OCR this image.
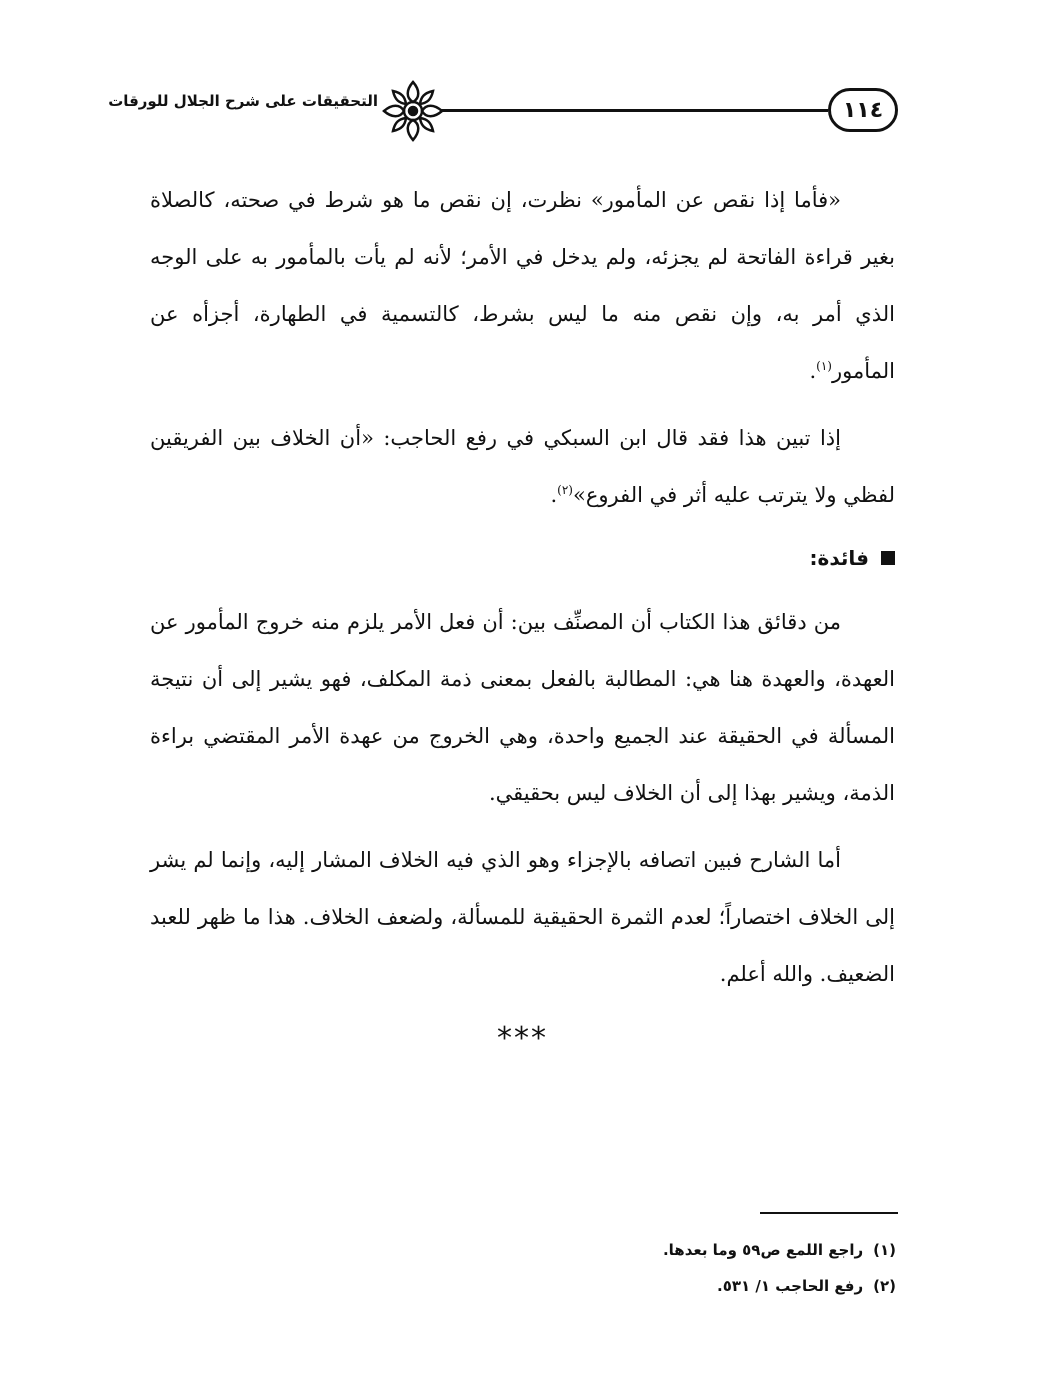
التحقيقات على شرح الجلال للورقات	١١٤

«فأما إذا نقص عن المأمور» نظرت، إن نقص ما هو شرط في صحته، كالصلاة بغير قراءة الفاتحة لم يجزئه، ولم يدخل في الأمر؛ لأنه لم يأت بالمأمور به على الوجه الذي أمر به، وإن نقص منه ما ليس بشرط، كالتسمية في الطهارة، أجزأه عن المأمور$^{(١)}$.

إذا تبين هذا فقد قال ابن السبكي في رفع الحاجب: «أن الخلاف بين الفريقين لفظي ولا يترتب عليه أثر في الفروع»$^{(٢)}$.

فائدة:

من دقائق هذا الكتاب أن المصنِّف بين: أن فعل الأمر يلزم منه خروج المأمور عن العهدة، والعهدة هنا هي: المطالبة بالفعل بمعنى ذمة المكلف، فهو يشير إلى أن نتيجة المسألة في الحقيقة عند الجميع واحدة، وهي الخروج من عهدة الأمر المقتضي براءة الذمة، ويشير بهذا إلى أن الخلاف ليس بحقيقي.

أما الشارح فبين اتصافه بالإجزاء وهو الذي فيه الخلاف المشار إليه، وإنما لم يشر إلى الخلاف اختصاراً؛ لعدم الثمرة الحقيقية للمسألة، ولضعف الخلاف. هذا ما ظهر للعبد الضعيف. والله أعلم.

***
(١)راجع اللمع ص٥٩ وما بعدها.
(٢)رفع الحاجب ١/ ٥٣١.
